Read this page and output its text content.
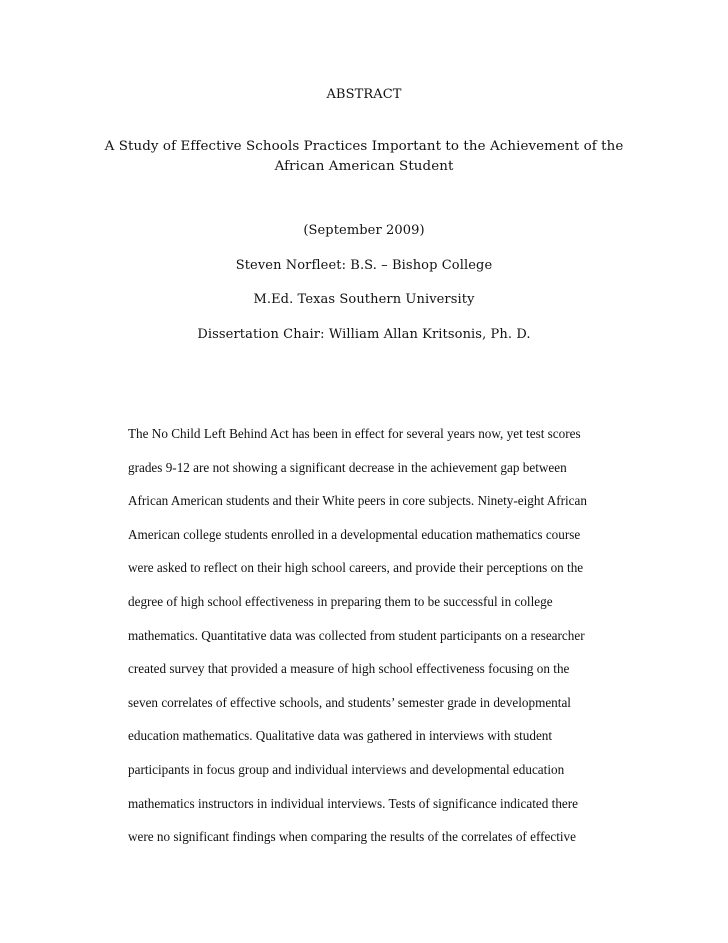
ABSTRACT

A Study of Effective Schools Practices Important to the Achievement of the
African American Student

(September 2009)

Steven Norfleet: B.S. – Bishop College

M.Ed. Texas Southern University

Dissertation Chair: William Allan Kritsonis, Ph. D.

The No Child Left Behind Act has been in effect for several years now, yet test scores
grades 9-12 are not showing a significant decrease in the achievement gap between
African American students and their White peers in core subjects. Ninety-eight African
American college students enrolled in a developmental education mathematics course
were asked to reflect on their high school careers, and provide their perceptions on the
degree of high school effectiveness in preparing them to be successful in college
mathematics. Quantitative data was collected from student participants on a researcher
created survey that provided a measure of high school effectiveness focusing on the
seven correlates of effective schools, and students’ semester grade in developmental
education mathematics. Qualitative data was gathered in interviews with student
participants in focus group and individual interviews and developmental education
mathematics instructors in individual interviews. Tests of significance indicated there
were no significant findings when comparing the results of the correlates of effective
